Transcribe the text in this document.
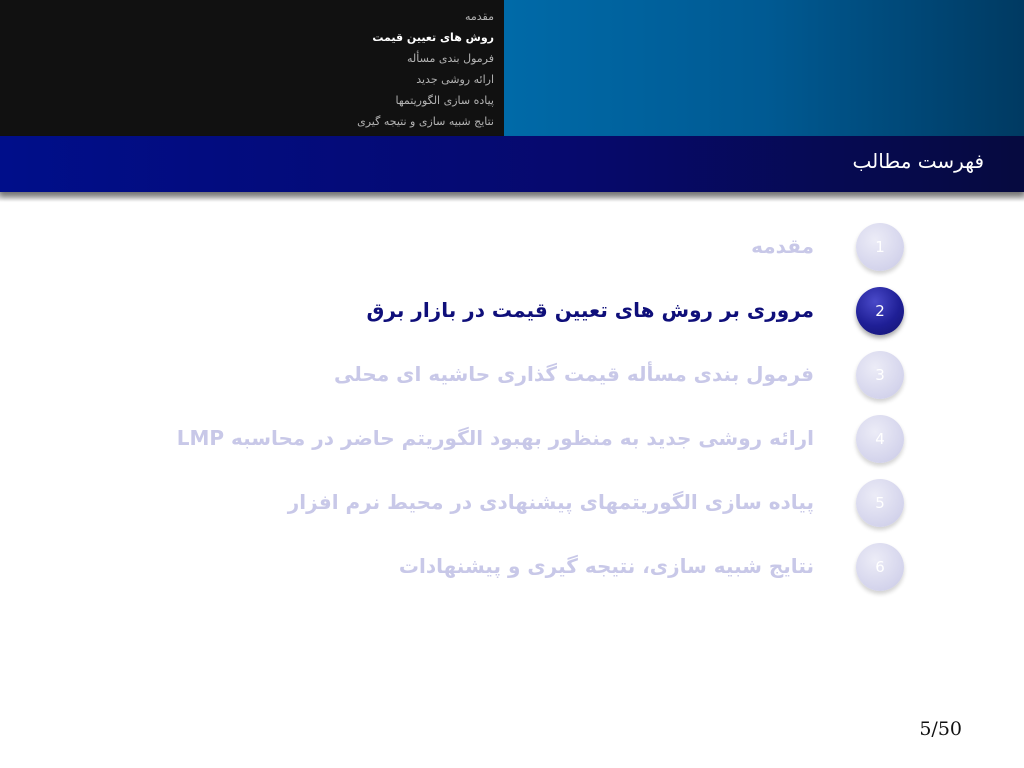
مقدمه
روش های تعیین قیمت
فرمول بندی مسأله
ارائه روشی جدید
پیاده سازی الگوریتمها
نتایج شبیه سازی و نتیجه گیری
فهرست مطالب
1
مقدمه
2
مروری بر روش های تعیین قیمت در بازار برق
3
فرمول بندی مسأله قیمت گذاری حاشیه ای محلی
4
ارائه روشی جدید به منظور بهبود الگوریتم حاضر در محاسبه LMP
5
پیاده سازی الگوریتمهای پیشنهادی در محیط نرم افزار
6
نتایج شبیه سازی، نتیجه گیری و پیشنهادات
5/50
